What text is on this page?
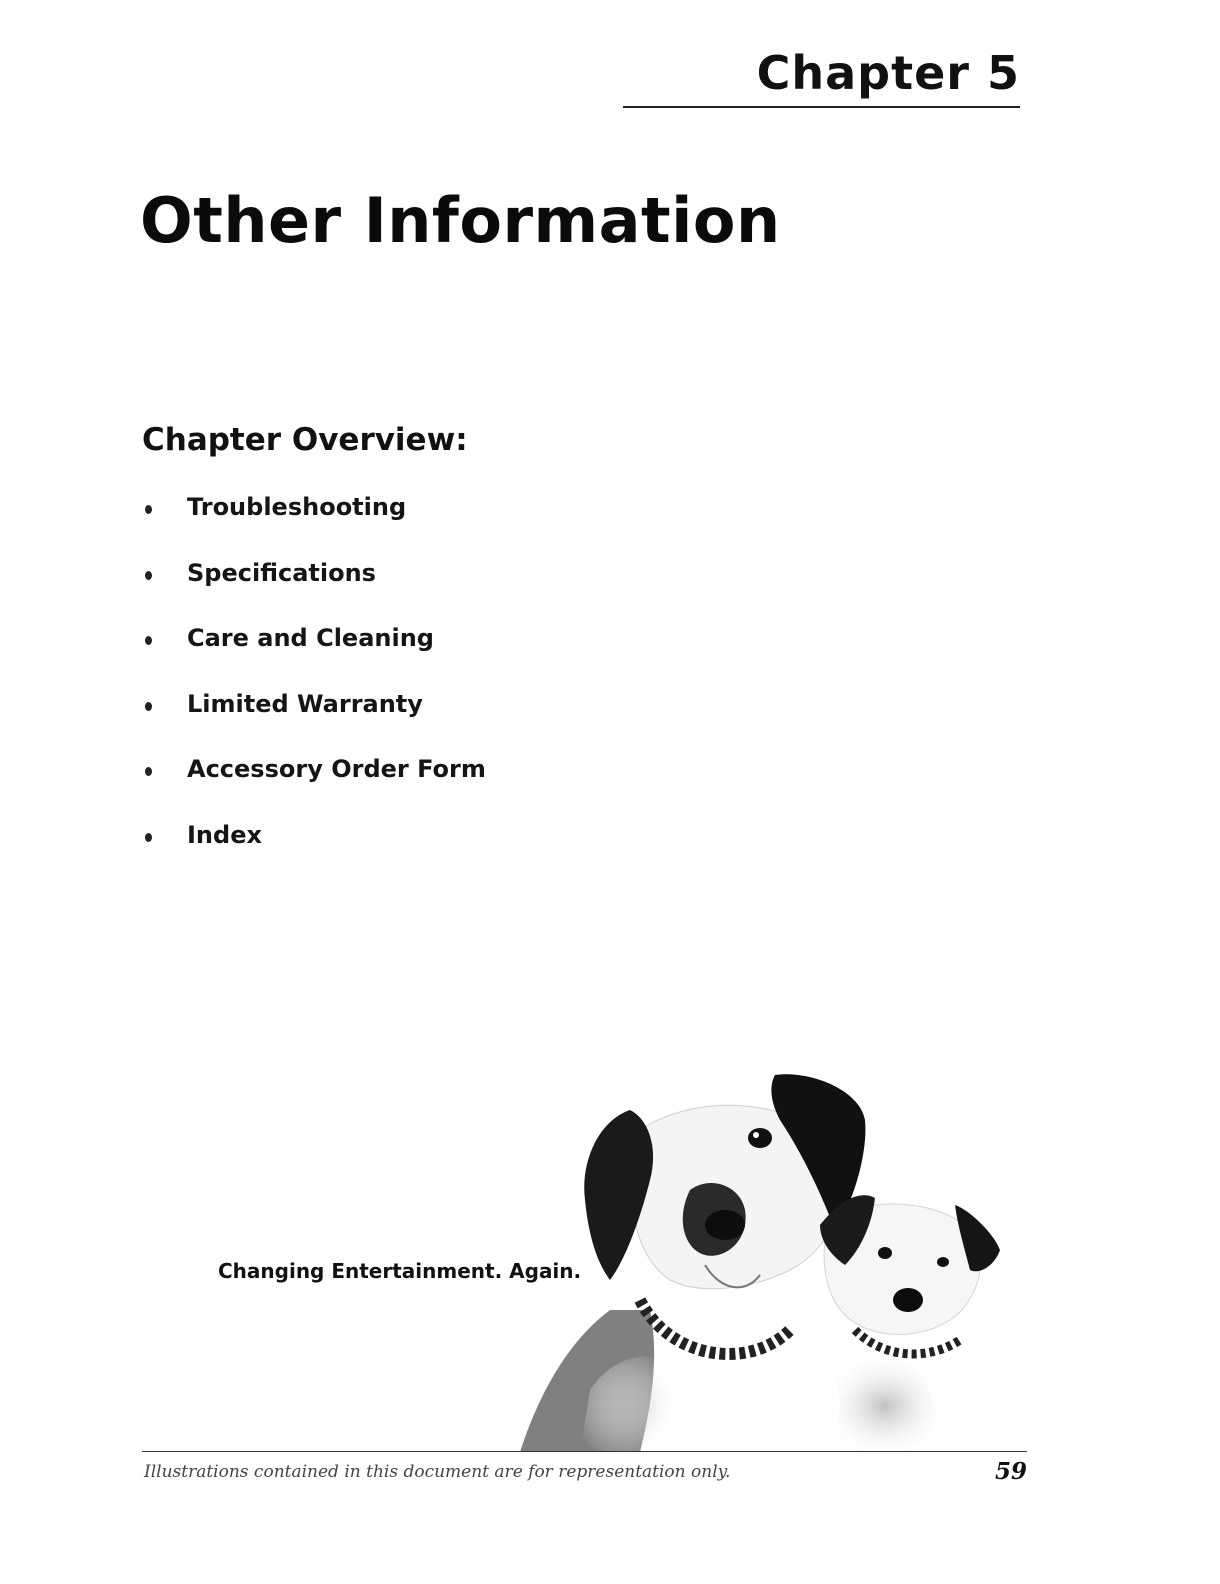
Chapter 5
Other Information
Chapter Overview:
Troubleshooting
Specifications
Care and Cleaning
Limited Warranty
Accessory Order Form
Index
Changing Entertainment. Again.
Illustrations contained in this document are for representation only.	59
